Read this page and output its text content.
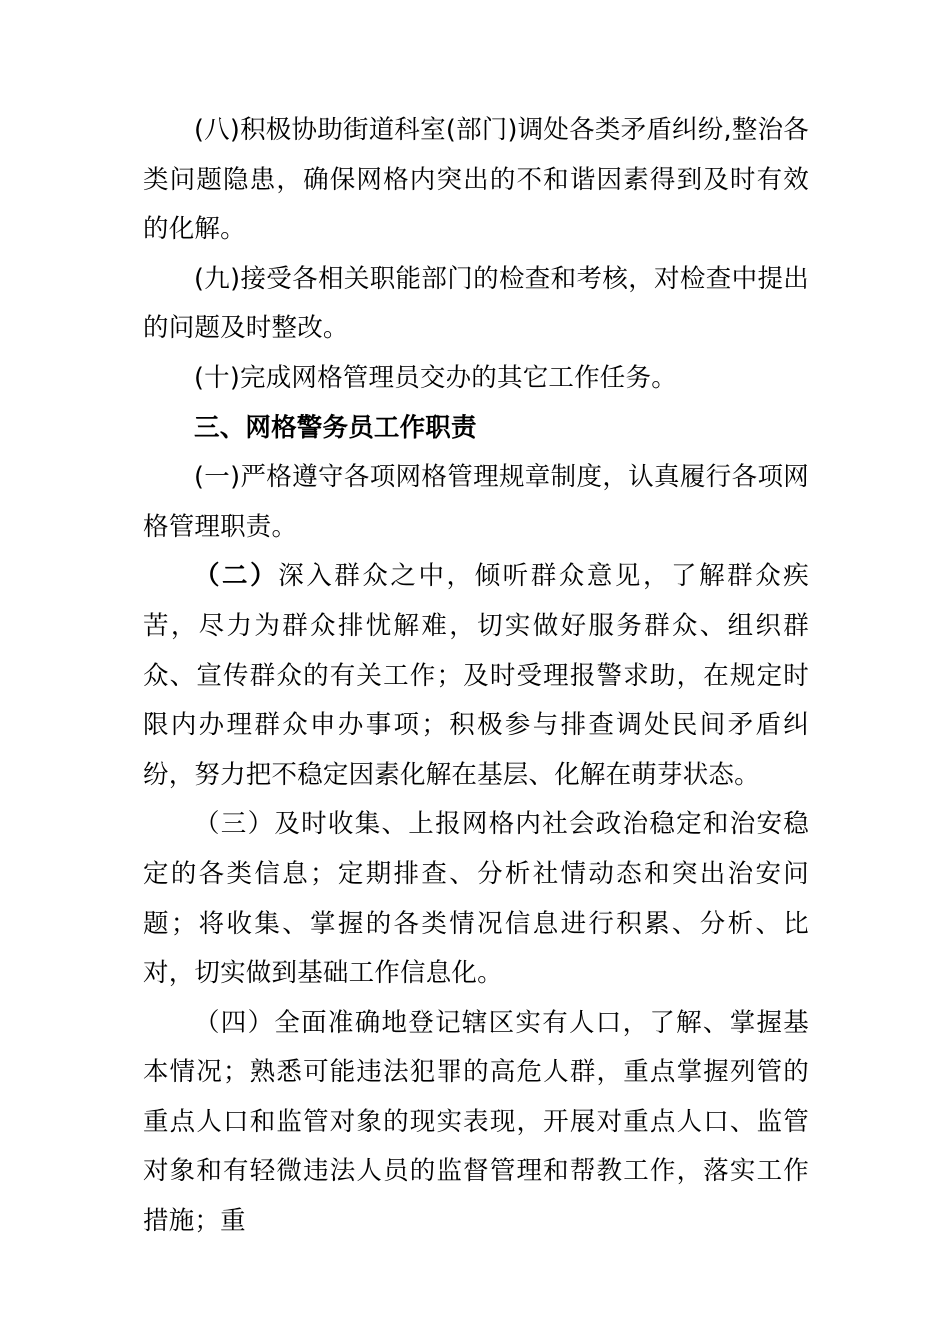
(八)积极协助街道科室(部门)调处各类矛盾纠纷,整治各类问题隐患，确保网格内突出的不和谐因素得到及时有效的化解。

(九)接受各相关职能部门的检查和考核，对检查中提出的问题及时整改。

(十)完成网格管理员交办的其它工作任务。

三、网格警务员工作职责

(一)严格遵守各项网格管理规章制度，认真履行各项网格管理职责。

（二）深入群众之中，倾听群众意见，了解群众疾苦，尽力为群众排忧解难，切实做好服务群众、组织群众、宣传群众的有关工作；及时受理报警求助，在规定时限内办理群众申办事项；积极参与排查调处民间矛盾纠纷，努力把不稳定因素化解在基层、化解在萌芽状态。

（三）及时收集、上报网格内社会政治稳定和治安稳定的各类信息；定期排查、分析社情动态和突出治安问题；将收集、掌握的各类情况信息进行积累、分析、比对，切实做到基础工作信息化。

（四）全面准确地登记辖区实有人口，了解、掌握基本情况；熟悉可能违法犯罪的高危人群，重点掌握列管的重点人口和监管对象的现实表现，开展对重点人口、监管对象和有轻微违法人员的监督管理和帮教工作，落实工作措施；重
